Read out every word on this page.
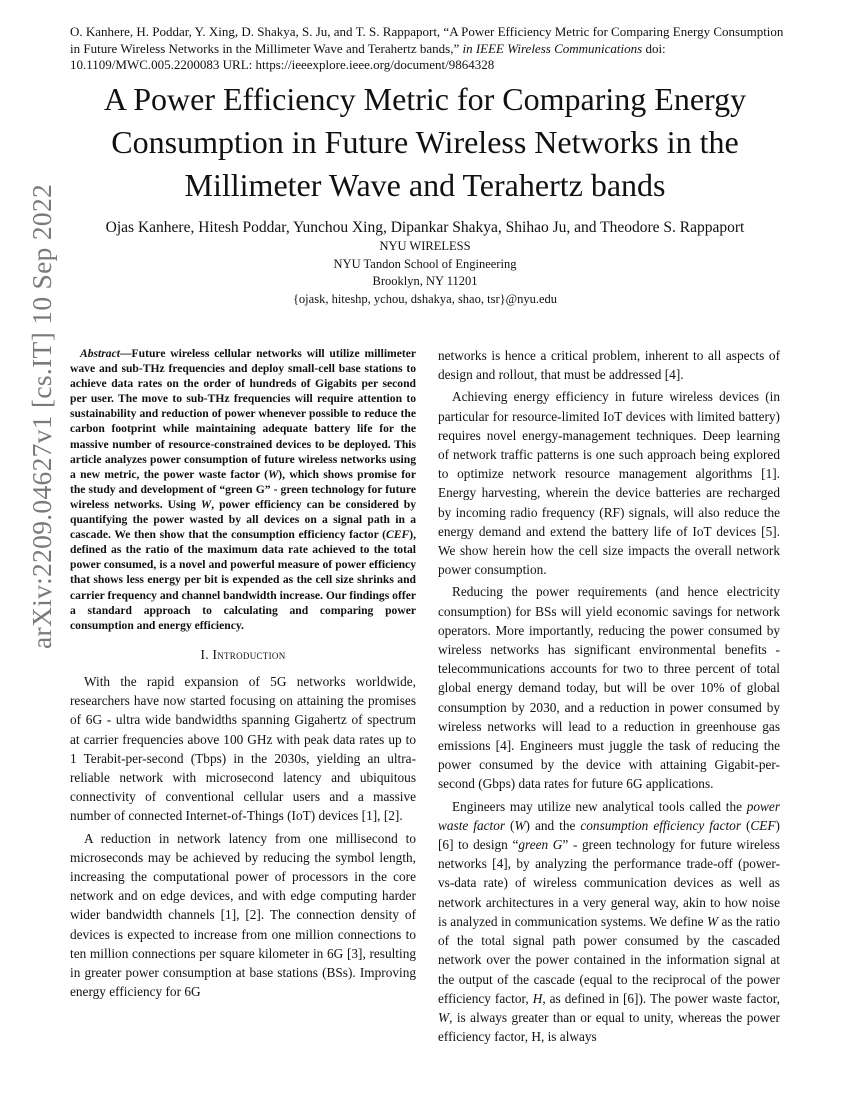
arXiv:2209.04627v1 [cs.IT] 10 Sep 2022
O. Kanhere, H. Poddar, Y. Xing, D. Shakya, S. Ju, and T. S. Rappaport, “A Power Efficiency Metric for Comparing Energy Consumption in Future Wireless Networks in the Millimeter Wave and Terahertz bands,” in IEEE Wireless Communications doi: 10.1109/MWC.005.2200083 URL: https://ieeexplore.ieee.org/document/9864328
A Power Efficiency Metric for Comparing Energy Consumption in Future Wireless Networks in the Millimeter Wave and Terahertz bands
Ojas Kanhere, Hitesh Poddar, Yunchou Xing, Dipankar Shakya, Shihao Ju, and Theodore S. Rappaport
NYU WIRELESS
NYU Tandon School of Engineering
Brooklyn, NY 11201
{ojask, hiteshp, ychou, dshakya, shao, tsr}@nyu.edu

Abstract—Future wireless cellular networks will utilize millimeter wave and sub-THz frequencies and deploy small-cell base stations to achieve data rates on the order of hundreds of Gigabits per second per user. The move to sub-THz frequencies will require attention to sustainability and reduction of power whenever possible to reduce the carbon footprint while maintaining adequate battery life for the massive number of resource-constrained devices to be deployed. This article analyzes power consumption of future wireless networks using a new metric, the power waste factor (W), which shows promise for the study and development of “green G” - green technology for future wireless networks. Using W, power efficiency can be considered by quantifying the power wasted by all devices on a signal path in a cascade. We then show that the consumption efficiency factor (CEF), defined as the ratio of the maximum data rate achieved to the total power consumed, is a novel and powerful measure of power efficiency that shows less energy per bit is expended as the cell size shrinks and carrier frequency and channel bandwidth increase. Our findings offer a standard approach to calculating and comparing power consumption and energy efficiency.

I. Introduction

With the rapid expansion of 5G networks worldwide, researchers have now started focusing on attaining the promises of 6G - ultra wide bandwidths spanning Gigahertz of spectrum at carrier frequencies above 100 GHz with peak data rates up to 1 Terabit-per-second (Tbps) in the 2030s, yielding an ultra-reliable network with microsecond latency and ubiquitous connectivity of conventional cellular users and a massive number of connected Internet-of-Things (IoT) devices [1], [2].

A reduction in network latency from one millisecond to microseconds may be achieved by reducing the symbol length, increasing the computational power of processors in the core network and on edge devices, and with edge computing harder wider bandwidth channels [1], [2]. The connection density of devices is expected to increase from one million connections to ten million connections per square kilometer in 6G [3], resulting in greater power consumption at base stations (BSs). Improving energy efficiency for 6G

networks is hence a critical problem, inherent to all aspects of design and rollout, that must be addressed [4].

Achieving energy efficiency in future wireless devices (in particular for resource-limited IoT devices with limited battery) requires novel energy-management techniques. Deep learning of network traffic patterns is one such approach being explored to optimize network resource management algorithms [1]. Energy harvesting, wherein the device batteries are recharged by incoming radio frequency (RF) signals, will also reduce the energy demand and extend the battery life of IoT devices [5]. We show herein how the cell size impacts the overall network power consumption.

Reducing the power requirements (and hence electricity consumption) for BSs will yield economic savings for network operators. More importantly, reducing the power consumed by wireless networks has significant environmental benefits - telecommunications accounts for two to three percent of total global energy demand today, but will be over 10% of global consumption by 2030, and a reduction in power consumed by wireless networks will lead to a reduction in greenhouse gas emissions [4]. Engineers must juggle the task of reducing the power consumed by the device with attaining Gigabit-per-second (Gbps) data rates for future 6G applications.

Engineers may utilize new analytical tools called the power waste factor (W) and the consumption efficiency factor (CEF) [6] to design “green G” - green technology for future wireless networks [4], by analyzing the performance trade-off (power-vs-data rate) of wireless communication devices as well as network architectures in a very general way, akin to how noise is analyzed in communication systems. We define W as the ratio of the total signal path power consumed by the cascaded network over the power contained in the information signal at the output of the cascade (equal to the reciprocal of the power efficiency factor, H, as defined in [6]). The power waste factor, W, is always greater than or equal to unity, whereas the power efficiency factor, H, is always
